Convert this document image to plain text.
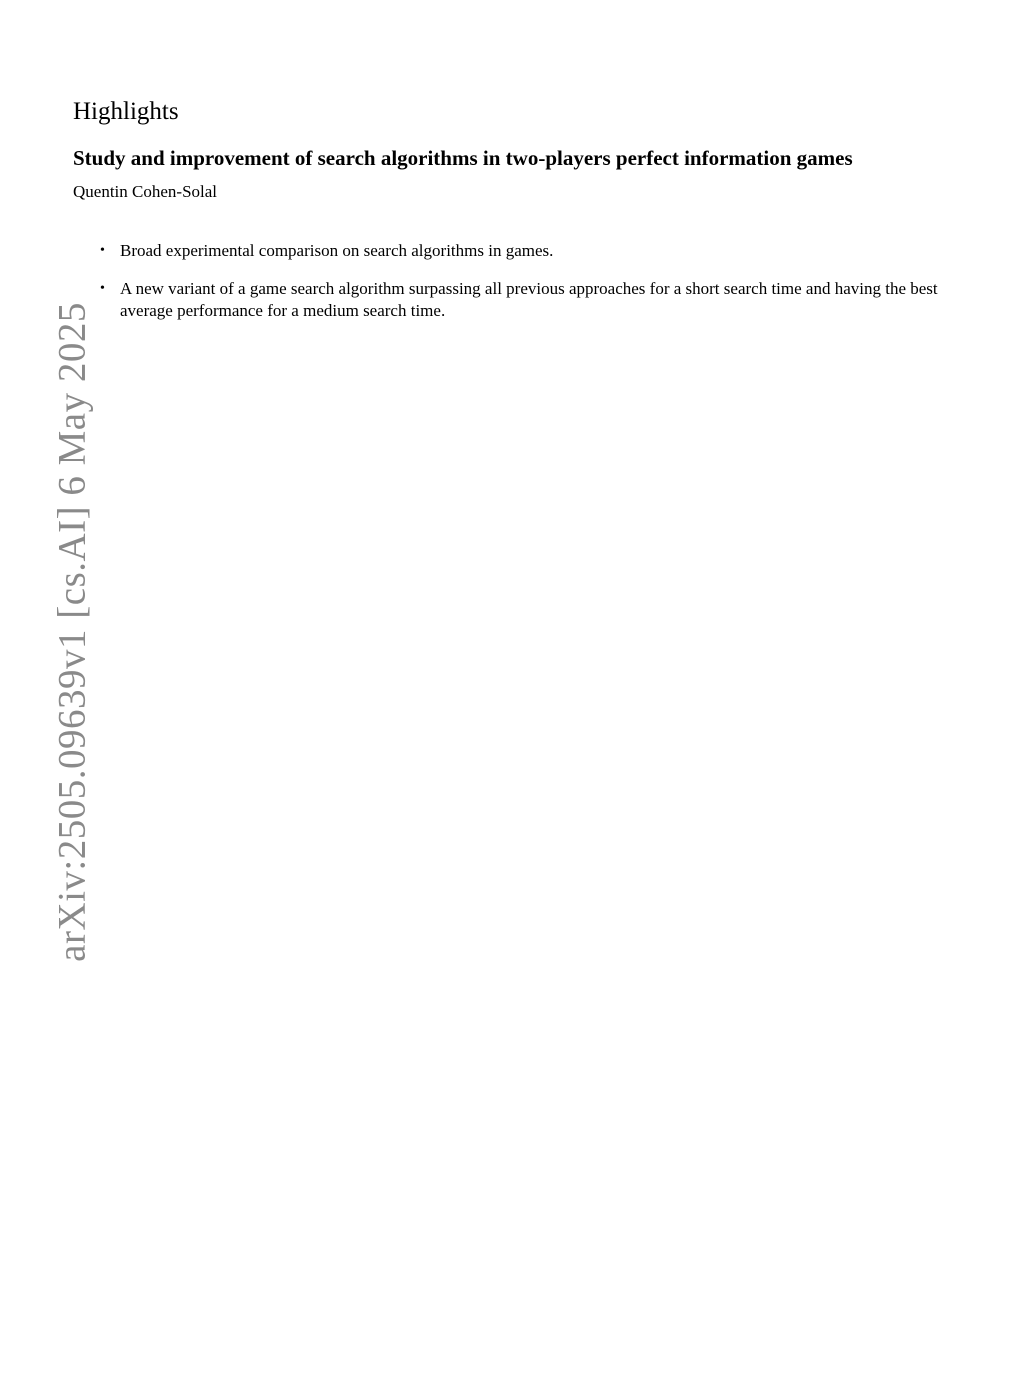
arXiv:2505.09639v1 [cs.AI] 6 May 2025
Highlights
Study and improvement of search algorithms in two-players perfect information games

Quentin Cohen-Solal

• Broad experimental comparison on search algorithms in games.
• A new variant of a game search algorithm surpassing all previous approaches for a short search time and having the best average performance for a medium search time.
